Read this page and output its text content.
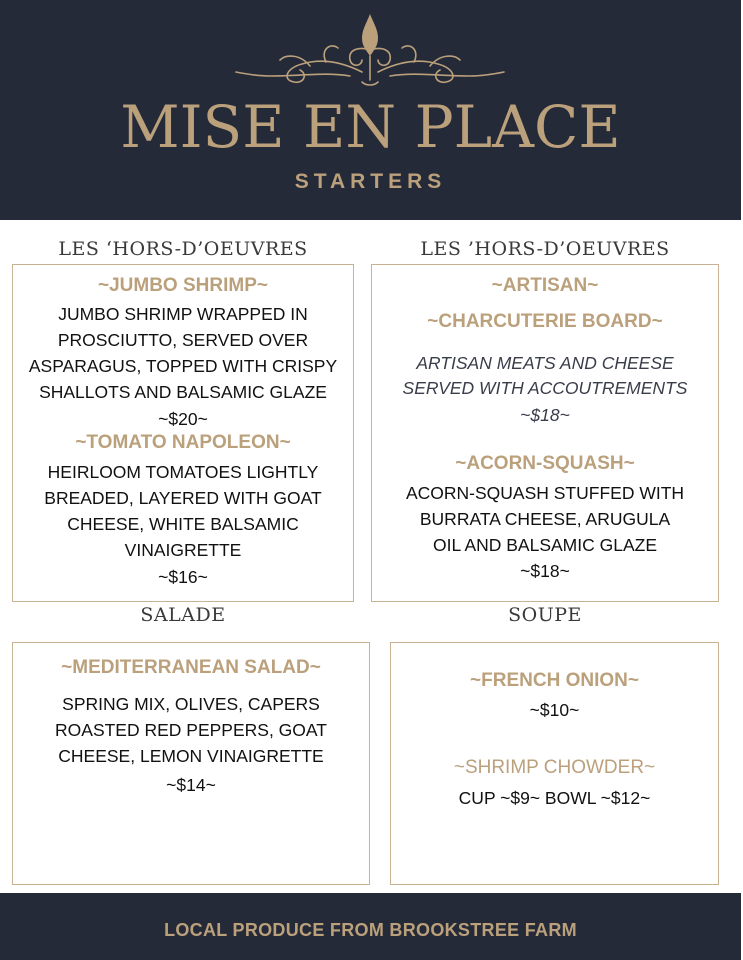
MISE EN PLACE
STARTERS
LES ‘HORS-D’OEUVRES	LES ’HORS-D’OEUVRES
~JUMBO SHRIMP~
JUMBO SHRIMP WRAPPED IN
PROSCIUTTO, SERVED OVER
ASPARAGUS, TOPPED WITH CRISPY
SHALLOTS AND BALSAMIC GLAZE
~$20~
~TOMATO NAPOLEON~
HEIRLOOM TOMATOES LIGHTLY
BREADED, LAYERED WITH GOAT
CHEESE, WHITE BALSAMIC
VINAIGRETTE
~$16~
~ARTISAN~
~CHARCUTERIE BOARD~
ARTISAN MEATS AND CHEESE
SERVED WITH ACCOUTREMENTS
~$18~
~ACORN-SQUASH~
ACORN-SQUASH STUFFED WITH
BURRATA CHEESE, ARUGULA
OIL AND BALSAMIC GLAZE
~$18~
SALADE	SOUPE
~MEDITERRANEAN SALAD~
SPRING MIX, OLIVES, CAPERS
ROASTED RED PEPPERS, GOAT
CHEESE, LEMON VINAIGRETTE
~$14~
~FRENCH ONION~
~$10~
~SHRIMP CHOWDER~
CUP ~$9~ BOWL ~$12~
LOCAL PRODUCE FROM BROOKSTREE FARM
